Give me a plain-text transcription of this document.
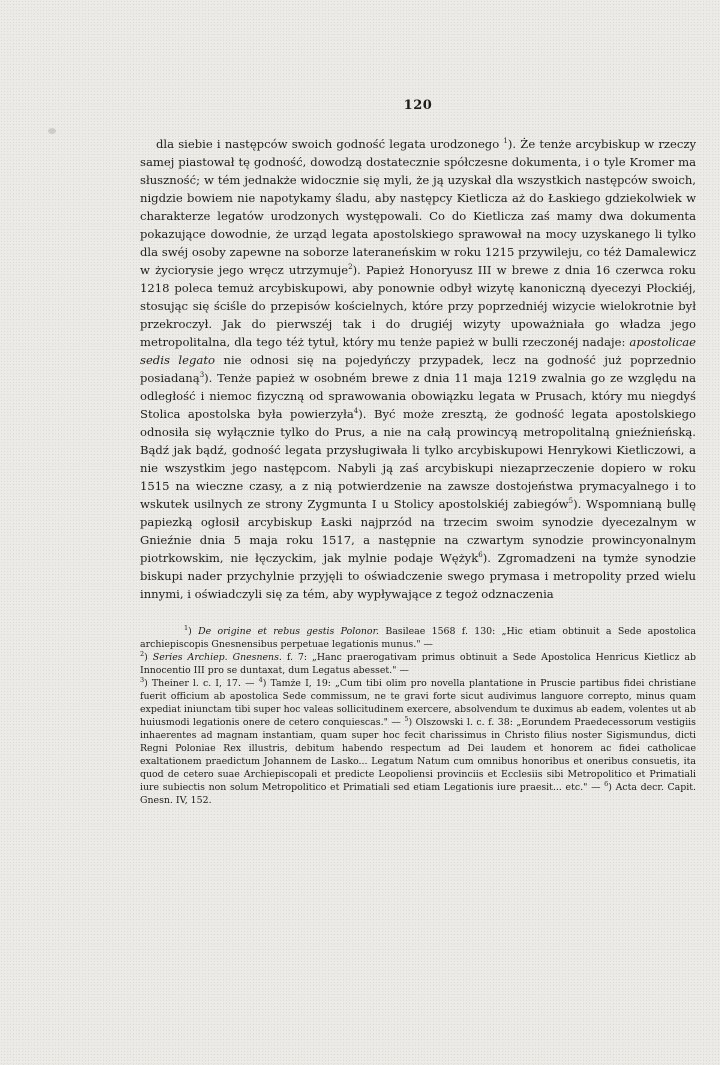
120

dla siebie i następców swoich godność legata urodzonego $^1$). Że tenże arcybiskup w rzeczy samej piastował tę godność, dowodzą dostatecznie spółczesne dokumenta, i o tyle Kromer ma słuszność; w tém jednakże widocznie się myli, że ją uzyskał dla wszystkich następców swoich, nigdzie bowiem nie napotykamy śladu, aby następcy Kietlicza aż do Łaskiego gdziekolwiek w charakterze legatów urodzonych występowali. Co do Kietlicza zaś mamy dwa dokumenta pokazujące dowodnie, że urząd legata apostolskiego sprawował na mocy uzyskanego li tylko dla swéj osoby zapewne na soborze lateraneńskim w roku 1215 przywileju, co téż Damalewicz w życiorysie jego wręcz utrzymuje$^2$). Papież Honoryusz III w brewe z dnia 16 czerwca roku 1218 poleca temuż arcybiskupowi, aby ponownie odbył wizytę kanoniczną dyecezyi Płockiéj, stosując się ściśle do przepisów kościelnych, które przy poprzedniéj wizycie wielokrotnie był przekroczył. Jak do pierwszéj tak i do drugiéj wizyty upoważniała go władza jego metropolitalna, dla tego téż tytuł, który mu tenże papież w bulli rzeczonéj nadaje: apostolicae sedis legato nie odnosi się na pojedyńczy przypadek, lecz na godność już poprzednio posiadaną$^3$). Tenże papież w osobném brewe z dnia 11 maja 1219 zwalnia go ze względu na odległość i niemoc fizyczną od sprawowania obowiązku legata w Prusach, który mu niegdyś Stolica apostolska była powierzyła$^4$). Być może zresztą, że godność legata apostolskiego odnosiła się wyłącznie tylko do Prus, a nie na całą prowincyą metropolitalną gnieźnieńską. Bądź jak bądź, godność legata przysługiwała li tylko arcybiskupowi Henrykowi Kietliczowi, a nie wszystkim jego następcom. Nabyli ją zaś arcybiskupi niezaprzeczenie dopiero w roku 1515 na wieczne czasy, a z nią potwierdzenie na zawsze dostojeństwa prymacyalnego i to wskutek usilnych ze strony Zygmunta I u Stolicy apostolskiéj zabiegów$^5$). Wspomnianą bullę papiezką ogłosił arcybiskup Łaski najprzód na trzecim swoim synodzie dyecezalnym w Gnieźnie dnia 5 maja roku 1517, a następnie na czwartym synodzie prowincyonalnym piotrkowskim, nie łęczyckim, jak mylnie podaje Wężyk$^6$). Zgromadzeni na tymże synodzie biskupi nader przychylnie przyjęli to oświadczenie swego prymasa i metropolity przed wielu innymi, i oświadczyli się za tém, aby wypływające z tegoż odznaczenia

$^1$) De origine et rebus gestis Polonor. Basileae 1568 f. 130: „Hic etiam obtinuit a Sede apostolica archiepiscopis Gnesnensibus perpetuae legationis munus." —
$^2$) Series Archiep. Gnesnens. f. 7: „Hanc praerogativam primus obtinuit a Sede Apostolica Henricus Kietlicz ab Innocentio III pro se duntaxat, dum Legatus abesset." —
$^3$) Theiner l. c. I, 17. — $^4$) Tamże I, 19: „Cum tibi olim pro novella plantatione in Pruscie partibus fidei christiane fuerit officium ab apostolica Sede commissum, ne te gravi forte sicut audivimus languore correpto, minus quam expediat iniunctam tibi super hoc valeas sollicitudinem exercere, absolvendum te duximus ab eadem, volentes ut ab huiusmodi legationis onere de cetero conquiescas." — $^5$) Olszowski l. c. f. 38: „Eorundem Praedecessorum vestigiis inhaerentes ad magnam instantiam, quam super hoc fecit charissimus in Christo filius noster Sigismundus, dicti Regni Poloniae Rex illustris, debitum habendo respectum ad Dei laudem et honorem ac fidei catholicae exaltationem praedictum Johannem de Lasko... Legatum Natum cum omnibus honoribus et oneribus consuetis, ita quod de cetero suae Archiepiscopali et predicte Leopoliensi provinciis et Ecclesiis sibi Metropolitico et Primatiali iure subiectis non solum Metropolitico et Primatiali sed etiam Legationis iure praesit... etc." — $^6$) Acta decr. Capit. Gnesn. IV, 152.
